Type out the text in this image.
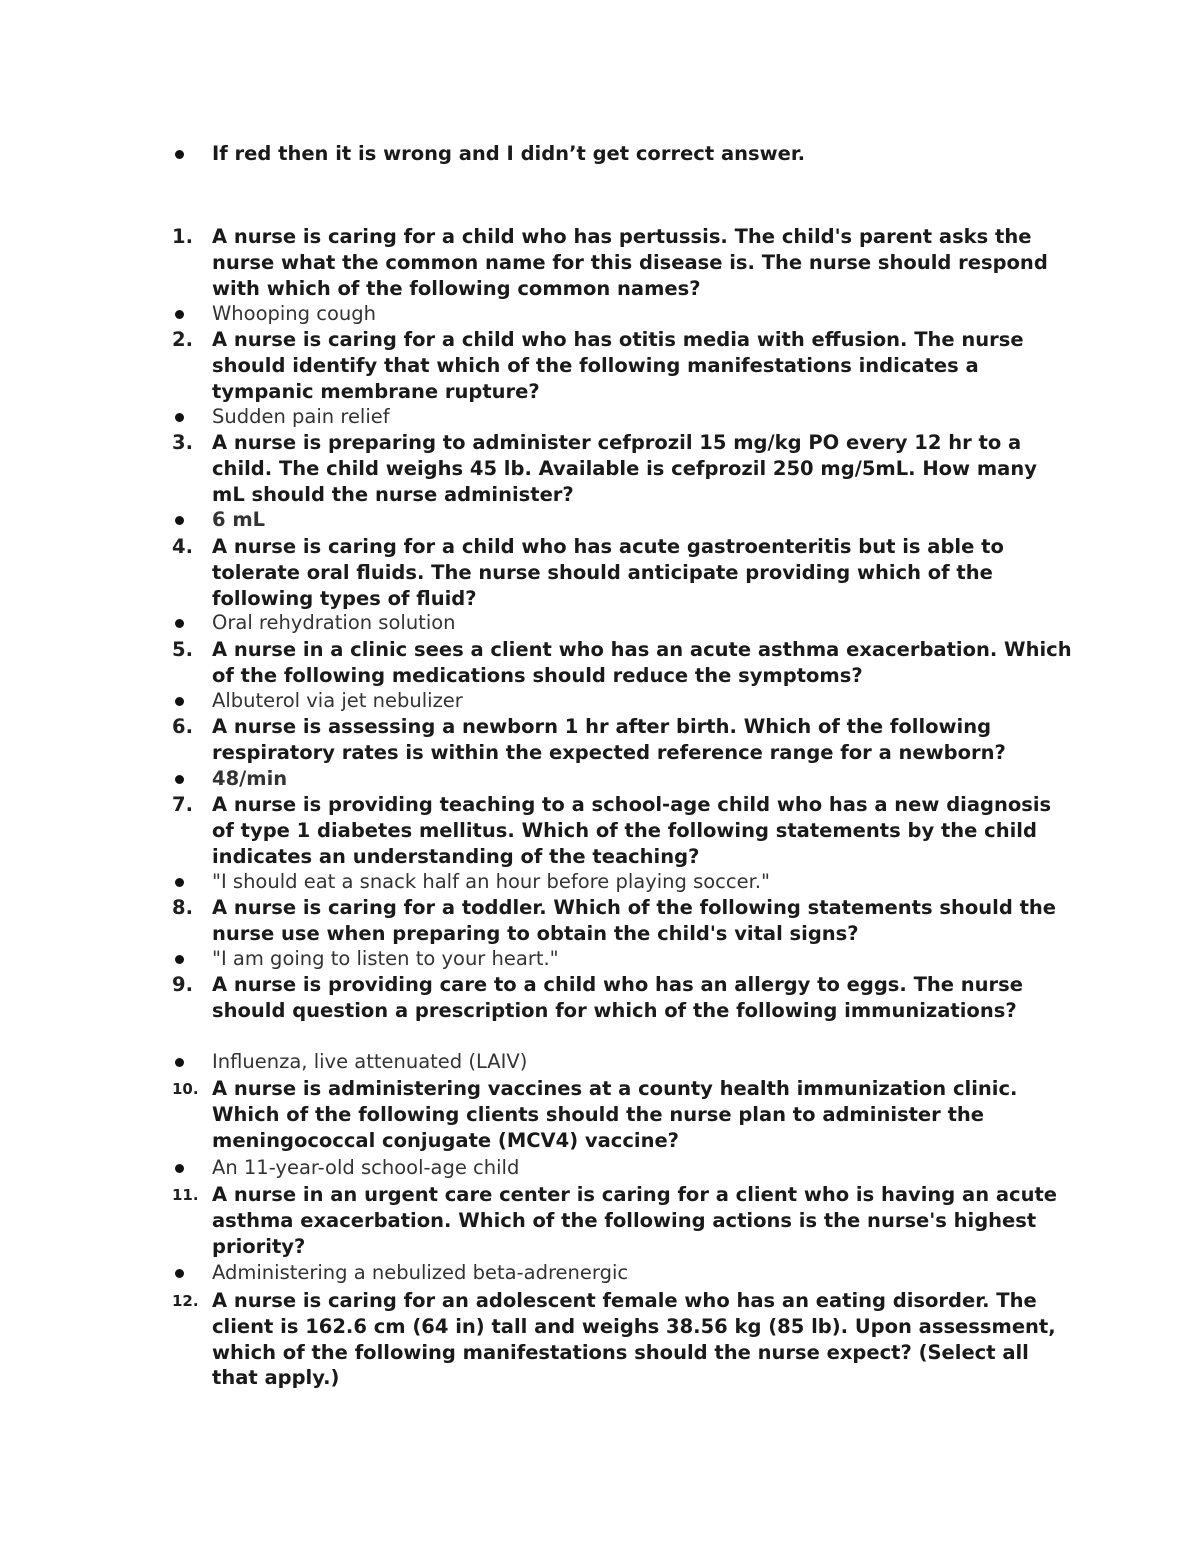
If red then it is wrong and I didn’t get correct answer.
1. A nurse is caring for a child who has pertussis. The child's parent asks the nurse what the common name for this disease is. The nurse should respond with which of the following common names?
Whooping cough
2. A nurse is caring for a child who has otitis media with effusion. The nurse should identify that which of the following manifestations indicates a tympanic membrane rupture?
Sudden pain relief
3. A nurse is preparing to administer cefprozil 15 mg/kg PO every 12 hr to a child. The child weighs 45 lb. Available is cefprozil 250 mg/5mL. How many mL should the nurse administer?
6 mL
4. A nurse is caring for a child who has acute gastroenteritis but is able to tolerate oral fluids. The nurse should anticipate providing which of the following types of fluid?
Oral rehydration solution
5. A nurse in a clinic sees a client who has an acute asthma exacerbation. Which of the following medications should reduce the symptoms?
Albuterol via jet nebulizer
6. A nurse is assessing a newborn 1 hr after birth. Which of the following respiratory rates is within the expected reference range for a newborn?
48/min
7. A nurse is providing teaching to a school-age child who has a new diagnosis of type 1 diabetes mellitus. Which of the following statements by the child indicates an understanding of the teaching?
"I should eat a snack half an hour before playing soccer."
8. A nurse is caring for a toddler. Which of the following statements should the nurse use when preparing to obtain the child's vital signs?
"I am going to listen to your heart."
9. A nurse is providing care to a child who has an allergy to eggs. The nurse should question a prescription for which of the following immunizations?
Influenza, live attenuated (LAIV)
10. A nurse is administering vaccines at a county health immunization clinic. Which of the following clients should the nurse plan to administer the meningococcal conjugate (MCV4) vaccine?
An 11-year-old school-age child
11. A nurse in an urgent care center is caring for a client who is having an acute asthma exacerbation. Which of the following actions is the nurse's highest priority?
Administering a nebulized beta-adrenergic
12. A nurse is caring for an adolescent female who has an eating disorder. The client is 162.6 cm (64 in) tall and weighs 38.56 kg (85 lb). Upon assessment, which of the following manifestations should the nurse expect? (Select all that apply.)
